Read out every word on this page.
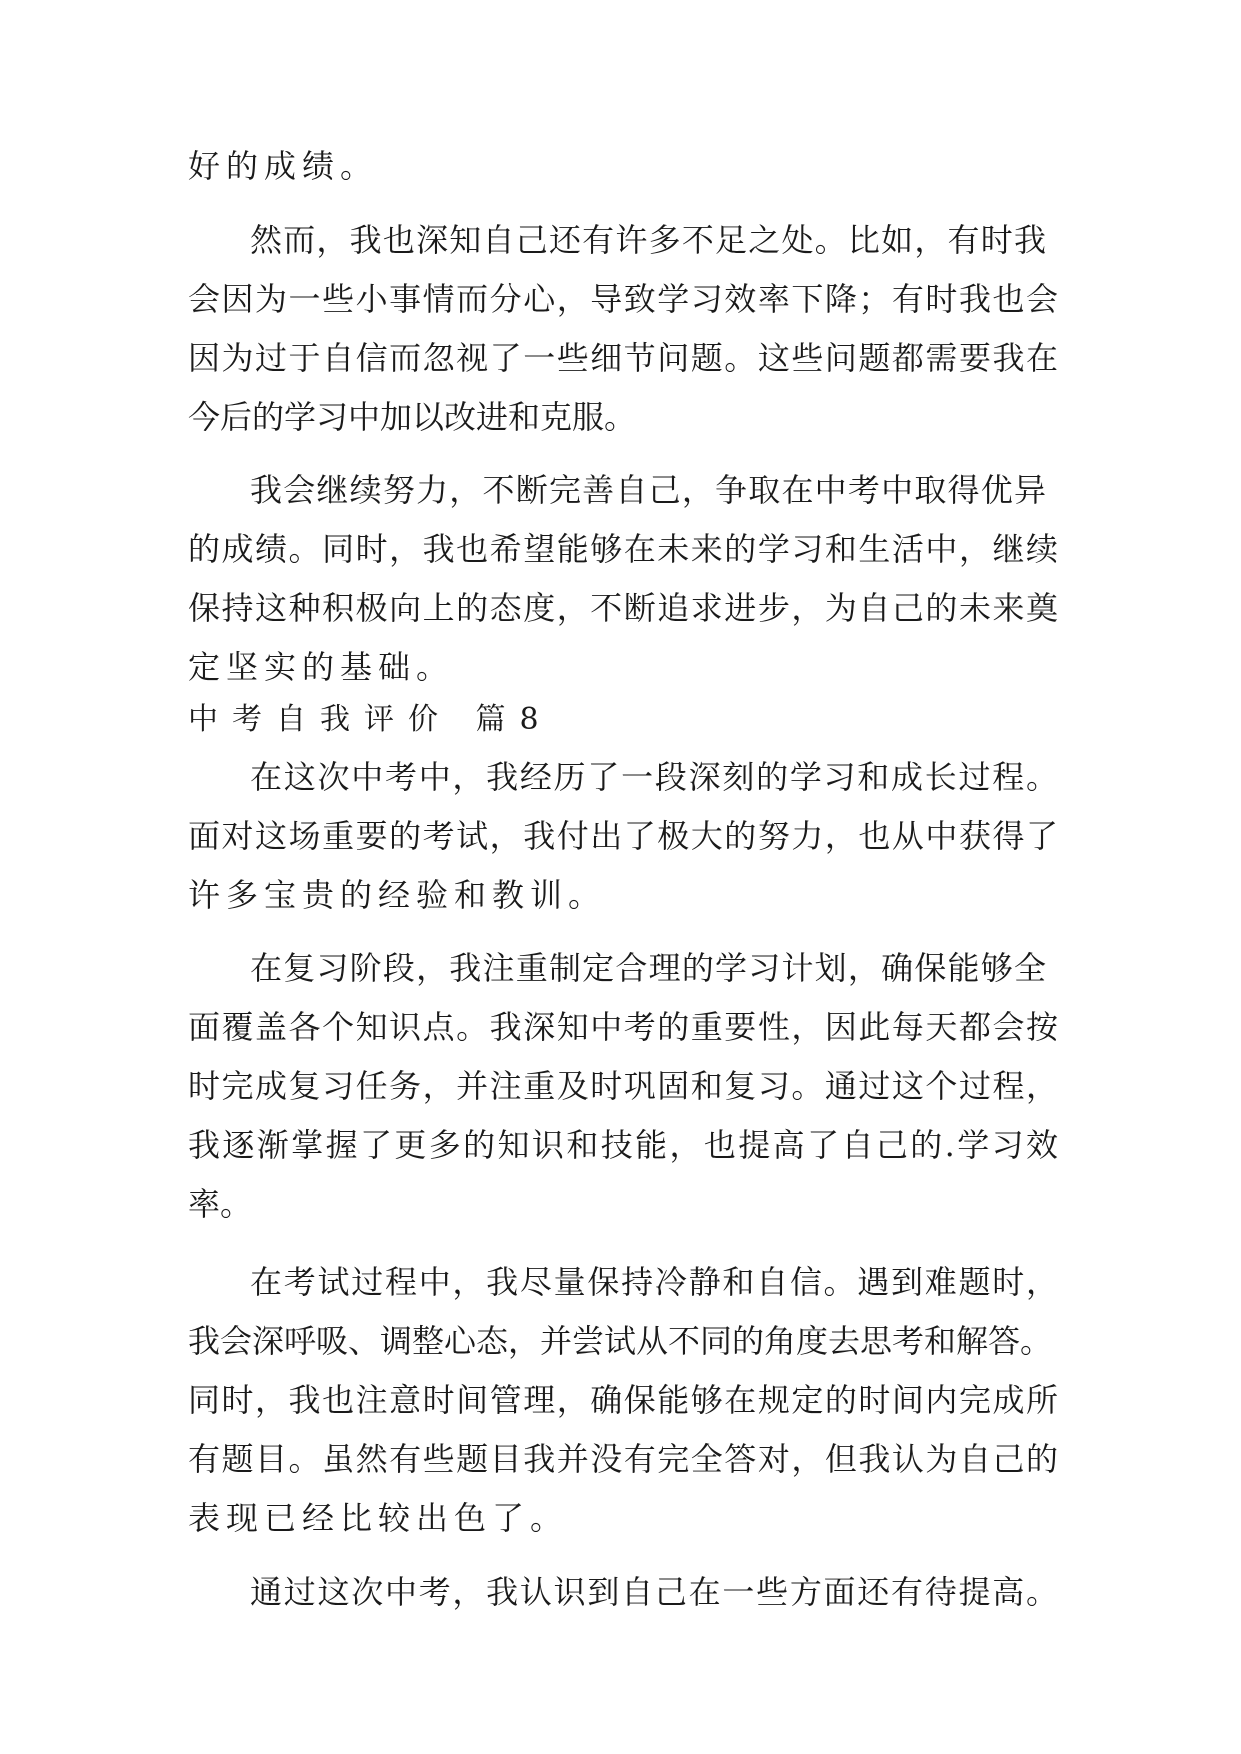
好的成绩。
然而，我也深知自己还有许多不足之处。比如，有时我
会因为一些小事情而分心，导致学习效率下降；有时我也会
因为过于自信而忽视了一些细节问题。这些问题都需要我在
今后的学习中加以改进和克服。
我会继续努力，不断完善自己，争取在中考中取得优异
的成绩。同时，我也希望能够在未来的学习和生活中，继续
保持这种积极向上的态度，不断追求进步，为自己的未来奠
定坚实的基础。
中考自我评价 篇8
在这次中考中，我经历了一段深刻的学习和成长过程。
面对这场重要的考试，我付出了极大的努力，也从中获得了
许多宝贵的经验和教训。
在复习阶段，我注重制定合理的学习计划，确保能够全
面覆盖各个知识点。我深知中考的重要性，因此每天都会按
时完成复习任务，并注重及时巩固和复习。通过这个过程，
我逐渐掌握了更多的知识和技能，也提高了自己的.学习效
率。
在考试过程中，我尽量保持冷静和自信。遇到难题时，
我会深呼吸、调整心态，并尝试从不同的角度去思考和解答。
同时，我也注意时间管理，确保能够在规定的时间内完成所
有题目。虽然有些题目我并没有完全答对，但我认为自己的
表现已经比较出色了。
通过这次中考，我认识到自己在一些方面还有待提高。
